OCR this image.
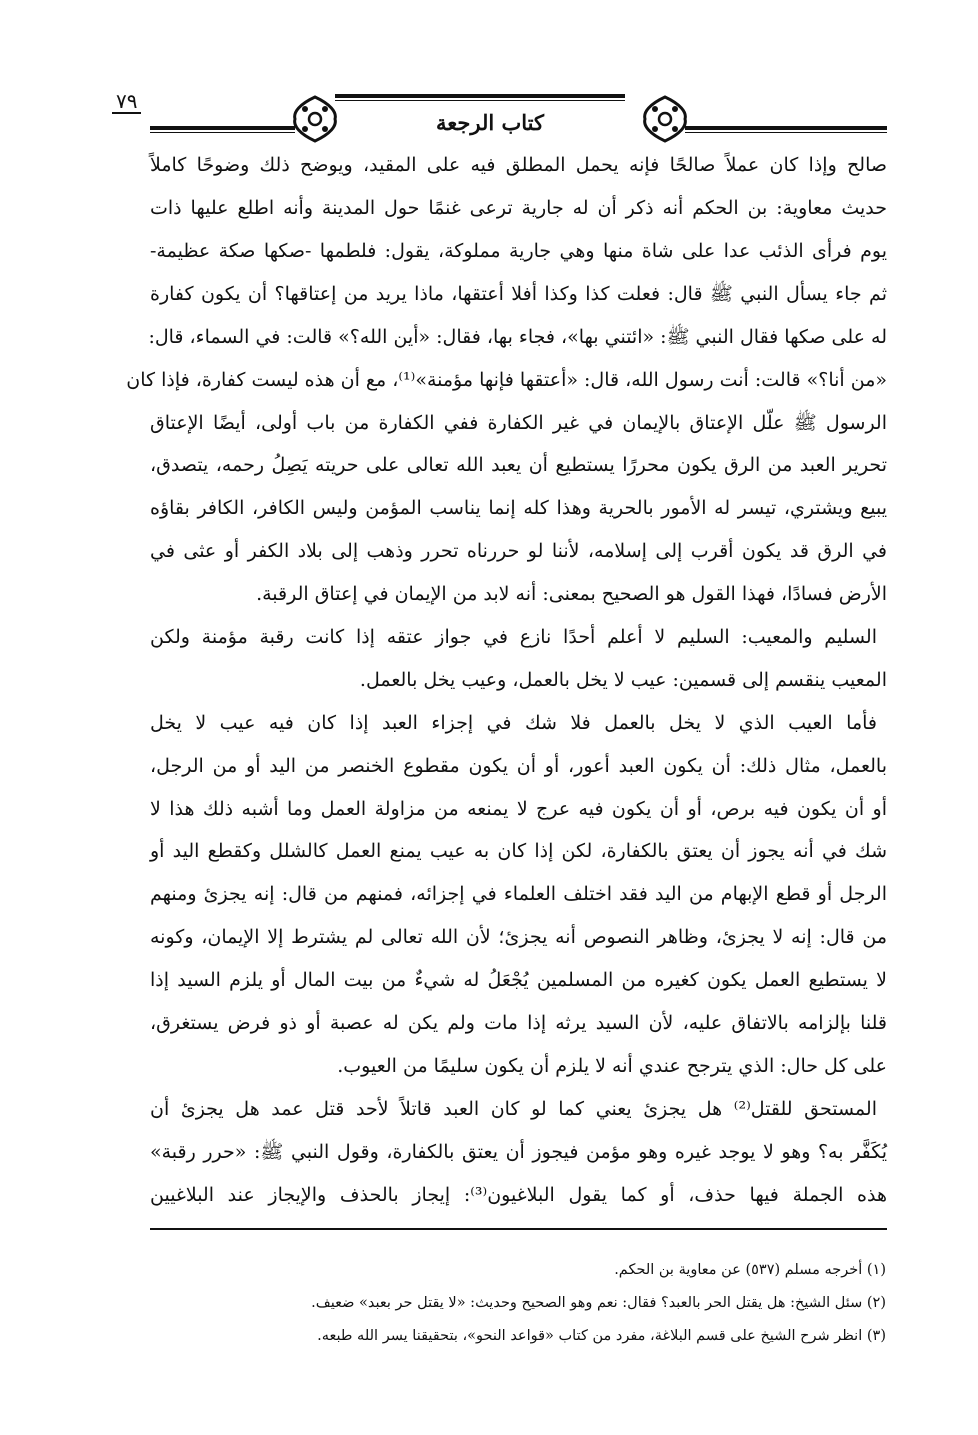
٧٩
كتاب الرجعة
صالح وإذا كان عملاً صالحًا فإنه يحمل المطلق فيه على المقيد، ويوضح ذلك وضوحًا كاملاً
حديث معاوية: بن الحكم أنه ذكر أن له جارية ترعى غنمًا حول المدينة وأنه اطلع عليها ذات
يوم فرأى الذئب عدا على شاة منها وهي جارية مملوكة، يقول: فلطمها -صكها صكة عظيمة-
ثم جاء يسأل النبي ﷺ قال: فعلت كذا وكذا أفلا أعتقها، ماذا يريد من إعتاقها؟ أن يكون كفارة
له على صكها فقال النبي ﷺ: «ائتني بها»، فجاء بها، فقال: «أين الله؟» قالت: في السماء، قال:
«من أنا؟» قالت: أنت رسول الله، قال: «أعتقها فإنها مؤمنة»⁽¹⁾، مع أن هذه ليست كفارة، فإذا كان
الرسول ﷺ علّل الإعتاق بالإيمان في غير الكفارة ففي الكفارة من باب أولى، أيضًا الإعتاق
تحرير العبد من الرق يكون محررًا يستطيع أن يعبد الله تعالى على حريته يَصِلُ رحمه، يتصدق،
يبيع ويشتري، تيسر له الأمور بالحرية وهذا كله إنما يناسب المؤمن وليس الكافر، الكافر بقاؤه
في الرق قد يكون أقرب إلى إسلامه، لأننا لو حررناه تحرر وذهب إلى بلاد الكفر أو عثى في
الأرض فسادًا، فهذا القول هو الصحيح بمعنى: أنه لابد من الإيمان في إعتاق الرقبة.
السليم والمعيب: السليم لا أعلم أحدًا نازع في جواز عتقه إذا كانت رقبة مؤمنة ولكن
المعيب ينقسم إلى قسمين: عيب لا يخل بالعمل، وعيب يخل بالعمل.
فأما العيب الذي لا يخل بالعمل فلا شك في إجزاء العبد إذا كان فيه عيب لا يخل
بالعمل، مثال ذلك: أن يكون العبد أعور، أو أن يكون مقطوع الخنصر من اليد أو من الرجل،
أو أن يكون فيه برص، أو أن يكون فيه عرج لا يمنعه من مزاولة العمل وما أشبه ذلك هذا لا
شك في أنه يجوز أن يعتق بالكفارة، لكن إذا كان به عيب يمنع العمل كالشلل وكقطع اليد أو
الرجل أو قطع الإبهام من اليد فقد اختلف العلماء في إجزائه، فمنهم من قال: إنه يجزئ ومنهم
من قال: إنه لا يجزئ، وظاهر النصوص أنه يجزئ؛ لأن الله تعالى لم يشترط إلا الإيمان، وكونه
لا يستطيع العمل يكون كغيره من المسلمين يُجْعَلُ له شيءٌ من بيت المال أو يلزم السيد إذا
قلنا بإلزامه بالاتفاق عليه، لأن السيد يرثه إذا مات ولم يكن له عصبة أو ذو فرض يستغرق،
على كل حال: الذي يترجح عندي أنه لا يلزم أن يكون سليمًا من العيوب.
المستحق للقتل⁽²⁾ هل يجزئ يعني كما لو كان العبد قاتلاً لأحد قتل عمد هل يجزئ أن
يُكَفَّر به؟ وهو لا يوجد غيره وهو مؤمن فيجوز أن يعتق بالكفارة، وقول النبي ﷺ: «حرر رقبة»
هذه الجملة فيها حذف، أو كما يقول البلاغيون⁽³⁾: إيجاز بالحذف والإيجاز عند البلاغيين
(١) أخرجه مسلم (٥٣٧) عن معاوية بن الحكم.
(٢) سئل الشيخ: هل يقتل الحر بالعبد؟ فقال: نعم وهو الصحيح وحديث: «لا يقتل حر بعبد» ضعيف.
(٣) انظر شرح الشيخ على قسم البلاغة، مفرد من كتاب «قواعد النحو»، بتحقيقنا يسر الله طبعه.
